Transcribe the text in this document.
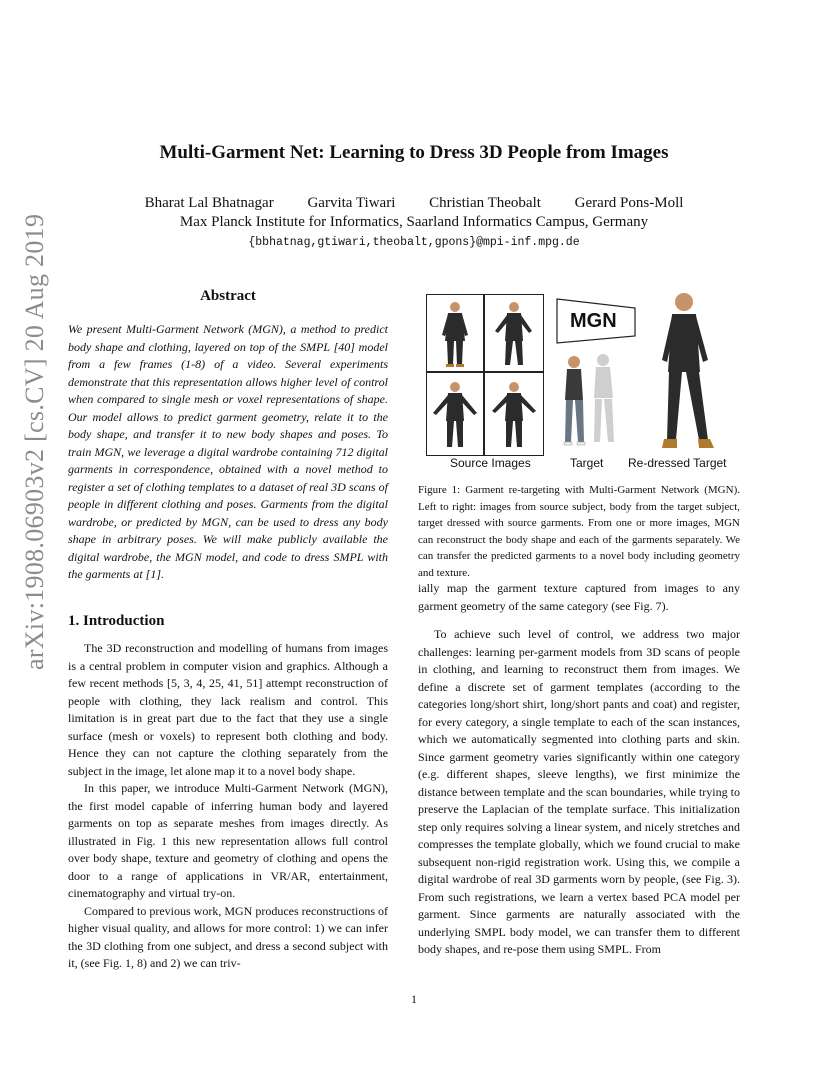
arXiv:1908.06903v2 [cs.CV] 20 Aug 2019
Multi-Garment Net: Learning to Dress 3D People from Images
Bharat Lal Bhatnagar Garvita Tiwari Christian Theobalt Gerard Pons-Moll
Max Planck Institute for Informatics, Saarland Informatics Campus, Germany
{bbhatnag,gtiwari,theobalt,gpons}@mpi-inf.mpg.de
Abstract
We present Multi-Garment Network (MGN), a method to predict body shape and clothing, layered on top of the SMPL [40] model from a few frames (1-8) of a video. Several experiments demonstrate that this representation allows higher level of control when compared to single mesh or voxel representations of shape. Our model allows to predict garment geometry, relate it to the body shape, and transfer it to new body shapes and poses. To train MGN, we leverage a digital wardrobe containing 712 digital garments in correspondence, obtained with a novel method to register a set of clothing templates to a dataset of real 3D scans of people in different clothing and poses. Garments from the digital wardrobe, or predicted by MGN, can be used to dress any body shape in arbitrary poses. We will make publicly available the digital wardrobe, the MGN model, and code to dress SMPL with the garments at [1].
1. Introduction

The 3D reconstruction and modelling of humans from images is a central problem in computer vision and graphics. Although a few recent methods [5, 3, 4, 25, 41, 51] attempt reconstruction of people with clothing, they lack realism and control. This limitation is in great part due to the fact that they use a single surface (mesh or voxels) to represent both clothing and body. Hence they can not capture the clothing separately from the subject in the image, let alone map it to a novel body shape.

In this paper, we introduce Multi-Garment Network (MGN), the first model capable of inferring human body and layered garments on top as separate meshes from images directly. As illustrated in Fig. 1 this new representation allows full control over body shape, texture and geometry of clothing and opens the door to a range of applications in VR/AR, entertainment, cinematography and virtual try-on.

Compared to previous work, MGN produces reconstructions of higher visual quality, and allows for more control: 1) we can infer the 3D clothing from one subject, and dress a second subject with it, (see Fig. 1, 8) and 2) we can triv-

MGN
Source Images	Target Re-dressed Target
Figure 1: Garment re-targeting with Multi-Garment Network (MGN). Left to right: images from source subject, body from the target subject, target dressed with source garments. From one or more images, MGN can reconstruct the body shape and each of the garments separately. We can transfer the predicted garments to a novel body including geometry and texture.

ially map the garment texture captured from images to any garment geometry of the same category (see Fig. 7).

To achieve such level of control, we address two major challenges: learning per-garment models from 3D scans of people in clothing, and learning to reconstruct them from images. We define a discrete set of garment templates (according to the categories long/short shirt, long/short pants and coat) and register, for every category, a single template to each of the scan instances, which we automatically segmented into clothing parts and skin. Since garment geometry varies significantly within one category (e.g. different shapes, sleeve lengths), we first minimize the distance between template and the scan boundaries, while trying to preserve the Laplacian of the template surface. This initialization step only requires solving a linear system, and nicely stretches and compresses the template globally, which we found crucial to make subsequent non-rigid registration work. Using this, we compile a digital wardrobe of real 3D garments worn by people, (see Fig. 3). From such registrations, we learn a vertex based PCA model per garment. Since garments are naturally associated with the underlying SMPL body model, we can transfer them to different body shapes, and re-pose them using SMPL. From

1
